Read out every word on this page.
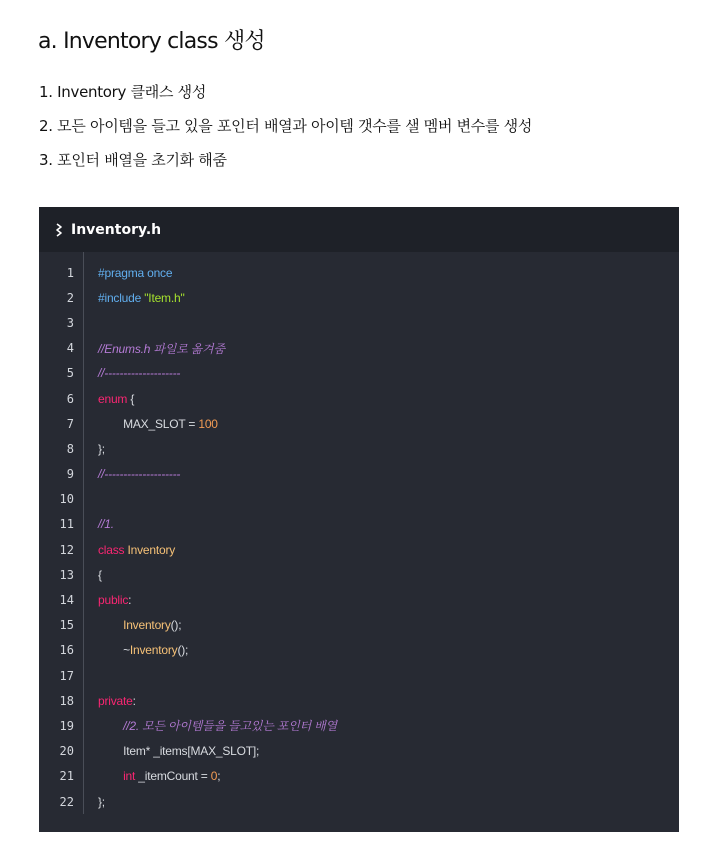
a. Inventory class 생성
1. Inventory 클래스 생성
2. 모든 아이템을 들고 있을 포인터 배열과 아이템 갯수를 샐 멤버 변수를 생성
3. 포인터 배열을 초기화 해줌
Inventory.h
1 #pragma once
2 #include "Item.h"
3
4 //Enums.h 파일로 옮겨줌
5 //--------------------
6 enum {
7 MAX_SLOT = 100
8 };
9 //--------------------
10
11 //1.
12 class Inventory
13 {
14 public:
15	Inventory();
16 ~Inventory();
17
18 private:
19	//2. 모든 아이템들을 들고있는 포인터 배열
20 Item* _items[MAX_SLOT];
21	int _itemCount = 0;
22 };
